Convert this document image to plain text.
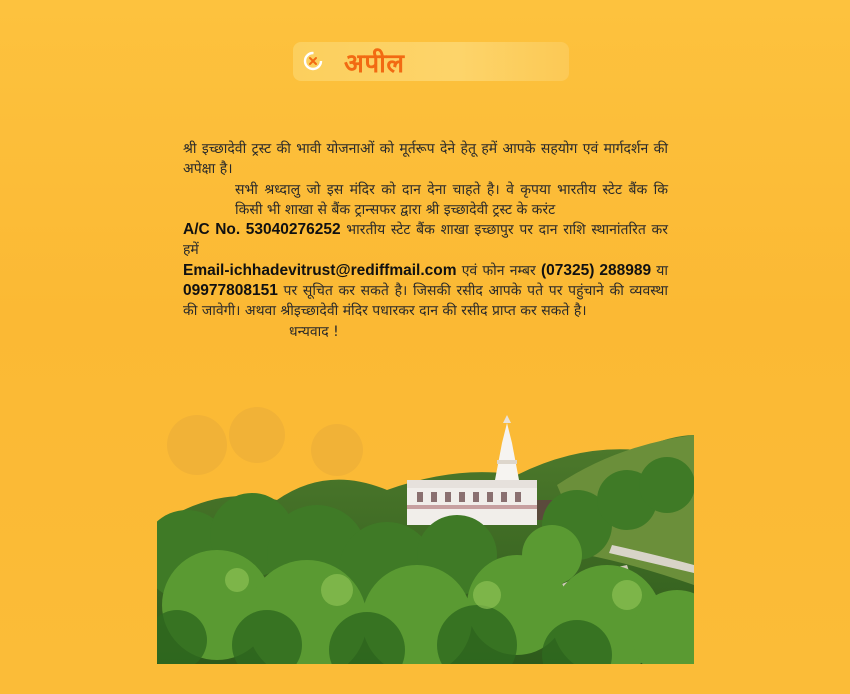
अपील

श्री इच्छादेवी ट्रस्ट की भावी योजनाओं को मूर्तरूप देने हेतू हमें आपके सहयोग एवं मार्गदर्शन की अपेक्षा है।

सभी श्रध्दालु जो इस मंदिर को दान देना चाहते है। वे कृपया भारतीय स्टेट बैंक कि किसी भी शाखा से बैंक ट्रान्सफर द्वारा श्री इच्छादेवी ट्रस्ट के करंट

A/C No. 53040276252 भारतीय स्टेट बैंक शाखा इच्छापुर पर दान राशि स्थानांतरित कर हमें

Email-ichhadevitrust@rediffmail.com एवं फोन नम्बर (07325) 288989 या 09977808151 पर सूचित कर सकते है। जिसकी रसीद आपके पते पर पहुंचाने की व्यवस्था की जावेगी। अथवा श्रीइच्छादेवी मंदिर पधारकर दान की रसीद प्राप्त कर सकते है।

धन्यवाद !
